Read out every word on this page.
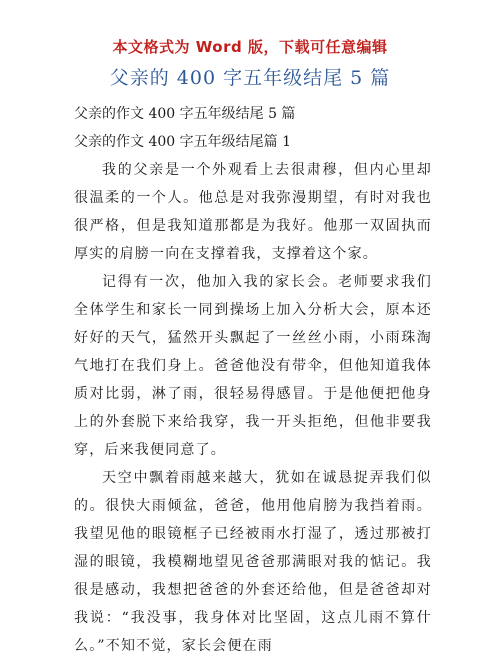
本文格式为 Word 版，下载可任意编辑
父亲的 400 字五年级结尾 5 篇

父亲的作文 400 字五年级结尾 5 篇

父亲的作文 400 字五年级结尾篇 1

我的父亲是一个外观看上去很肃穆，但内心里却很温柔的一个人。他总是对我弥漫期望，有时对我也很严格，但是我知道那都是为我好。他那一双固执而厚实的肩膀一向在支撑着我，支撑着这个家。

记得有一次，他加入我的家长会。老师要求我们全体学生和家长一同到操场上加入分析大会，原本还好好的天气，猛然开头飘起了一丝丝小雨，小雨珠淘气地打在我们身上。爸爸他没有带伞，但他知道我体质对比弱，淋了雨，很轻易得感冒。于是他便把他身上的外套脱下来给我穿，我一开头拒绝，但他非要我穿，后来我便同意了。

天空中飘着雨越来越大，犹如在诚恳捉弄我们似的。很快大雨倾盆，爸爸，他用他肩膀为我挡着雨。我望见他的眼镜框子已经被雨水打湿了，透过那被打湿的眼镜，我模糊地望见爸爸那满眼对我的惦记。我很是感动，我想把爸爸的外套还给他，但是爸爸却对我说：“我没事，我身体对比坚固，这点儿雨不算什么。”不知不觉，家长会便在雨
